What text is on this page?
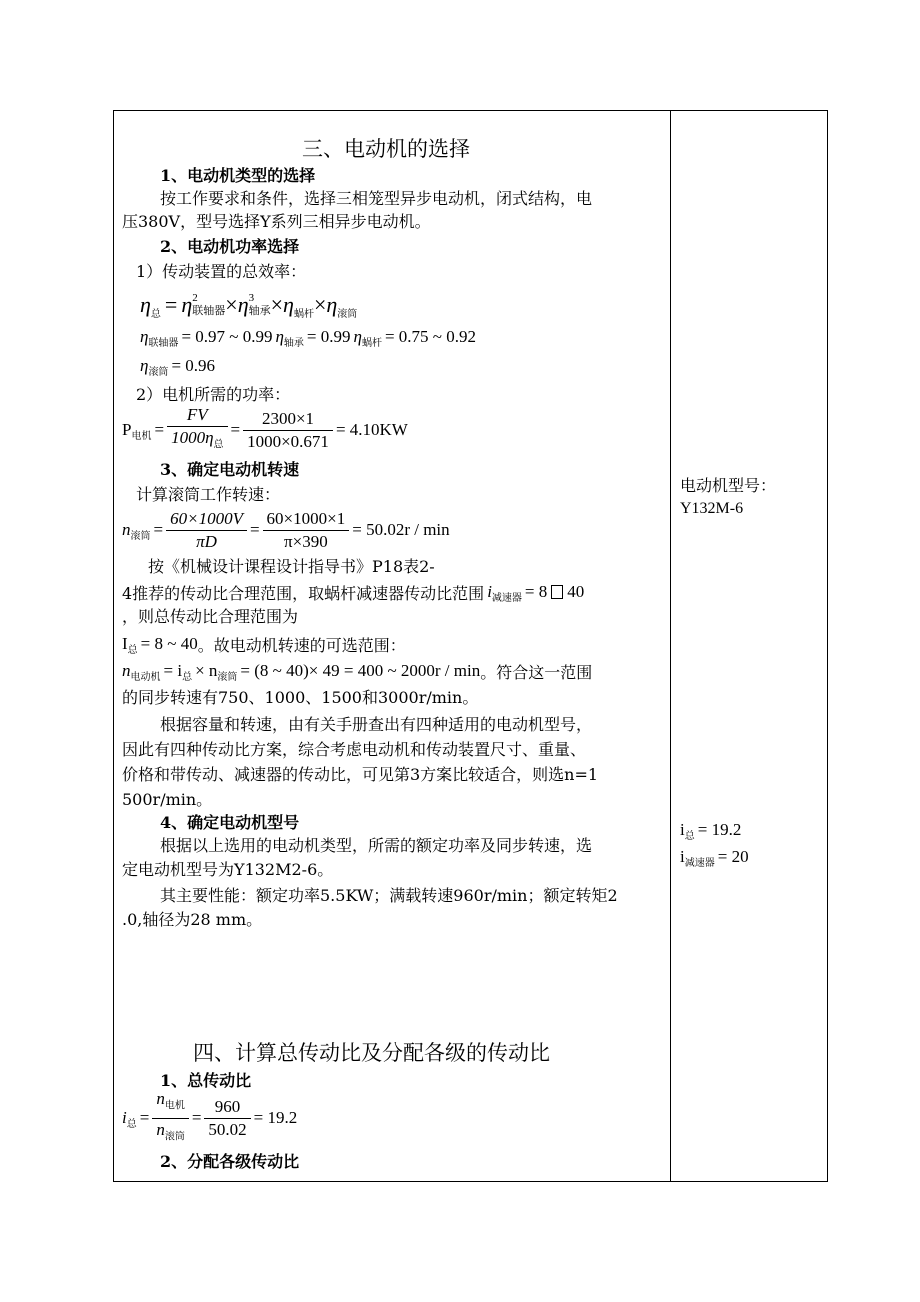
三、电动机的选择
1、电动机类型的选择
按工作要求和条件，选择三相笼型异步电动机，闭式结构，电
压380V，型号选择Y系列三相异步电动机。
2、电动机功率选择
1）传动装置的总效率：
$\eta_总 = \eta$ 2
联轴器 × η 3
轴承 × $\eta_{蜗杆} \times \eta_{滚筒}$
$\eta_{联轴器} = 0.97$ ~ 0.99 $\eta_{轴承} = 0.99$ $\eta_{蜗杆} = 0.75$ ~ 0.92
$\eta_{滚筒} = 0.96$
2）电机所需的功率：
$P_{电机} = \frac{FV}{1000\eta_总} = \frac{2300\times 1}{1000\times 0.671} = 4.10KW$
3、确定电动机转速
计算滚筒工作转速：
$n_{滚筒} = \frac{60\times 1000V}{\pi D} = \frac{60\times 1000\times 1}{\pi\times 390} = 50.02r / \min$
按《机械设计课程设计指导书》P18表2-
4推荐的传动比合理范围，取蜗杆减速器传动比范围 $i_{减速器} = 8$ 40
，则总传动比合理范围为
$I_总 = 8$ ~ 40 。故电动机转速的可选范围：
$n_{电动机} = i_总 \times n_{滚筒} = (8$ ~ 40)× 49 = 400 ~ 2000r / min 。符合这一范围
的同步转速有750、1000、1500和3000r/min。
根据容量和转速，由有关手册查出有四种适用的电动机型号，
因此有四种传动比方案，综合考虑电动机和传动装置尺寸、重量、
价格和带传动、减速器的传动比，可见第3方案比较适合，则选n=1
500r/min。
4、确定电动机型号
根据以上选用的电动机类型，所需的额定功率及同步转速，选
定电动机型号为Y132M2-6。
其主要性能：额定功率5.5KW；满载转速960r/min；额定转矩2
.0,轴径为28 mm。
四、计算总传动比及分配各级的传动比
1、总传动比
$i_总 = \frac{n_{电机}}{n_{滚筒}} = \frac{960}{50.02} = 19.2$
2、分配各级传动比
电动机型号：
Y132M-6
$i_总 = 19.2$
$i_{减速器} = 20$
